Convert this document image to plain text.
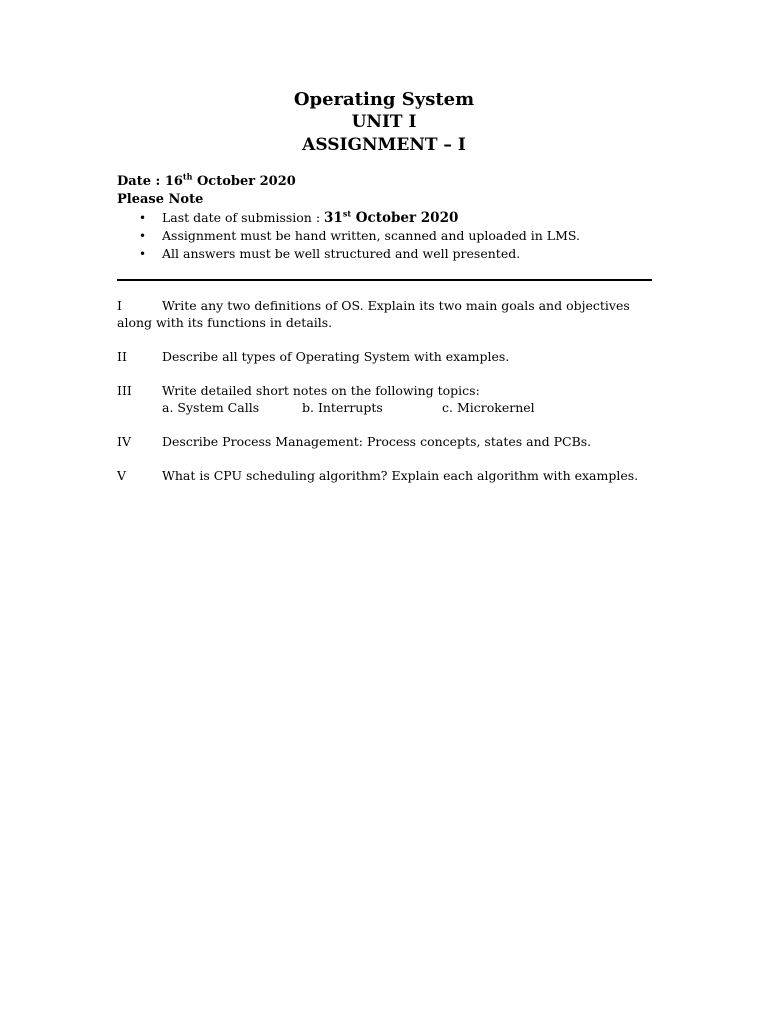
Operating System
UNIT I
ASSIGNMENT – I
Date : 16th October 2020
Please Note
• Last date of submission : 31st October 2020
• Assignment must be hand written, scanned and uploaded in LMS.
• All answers must be well structured and well presented.
I	Write any two definitions of OS. Explain its two main goals and objectives
along with its functions in details.
II	Describe all types of Operating System with examples.
III Write detailed short notes on the following topics:
a. System Calls	b. Interrupts	c. Microkernel
IV Describe Process Management: Process concepts, states and PCBs.
V	What is CPU scheduling algorithm? Explain each algorithm with examples.
